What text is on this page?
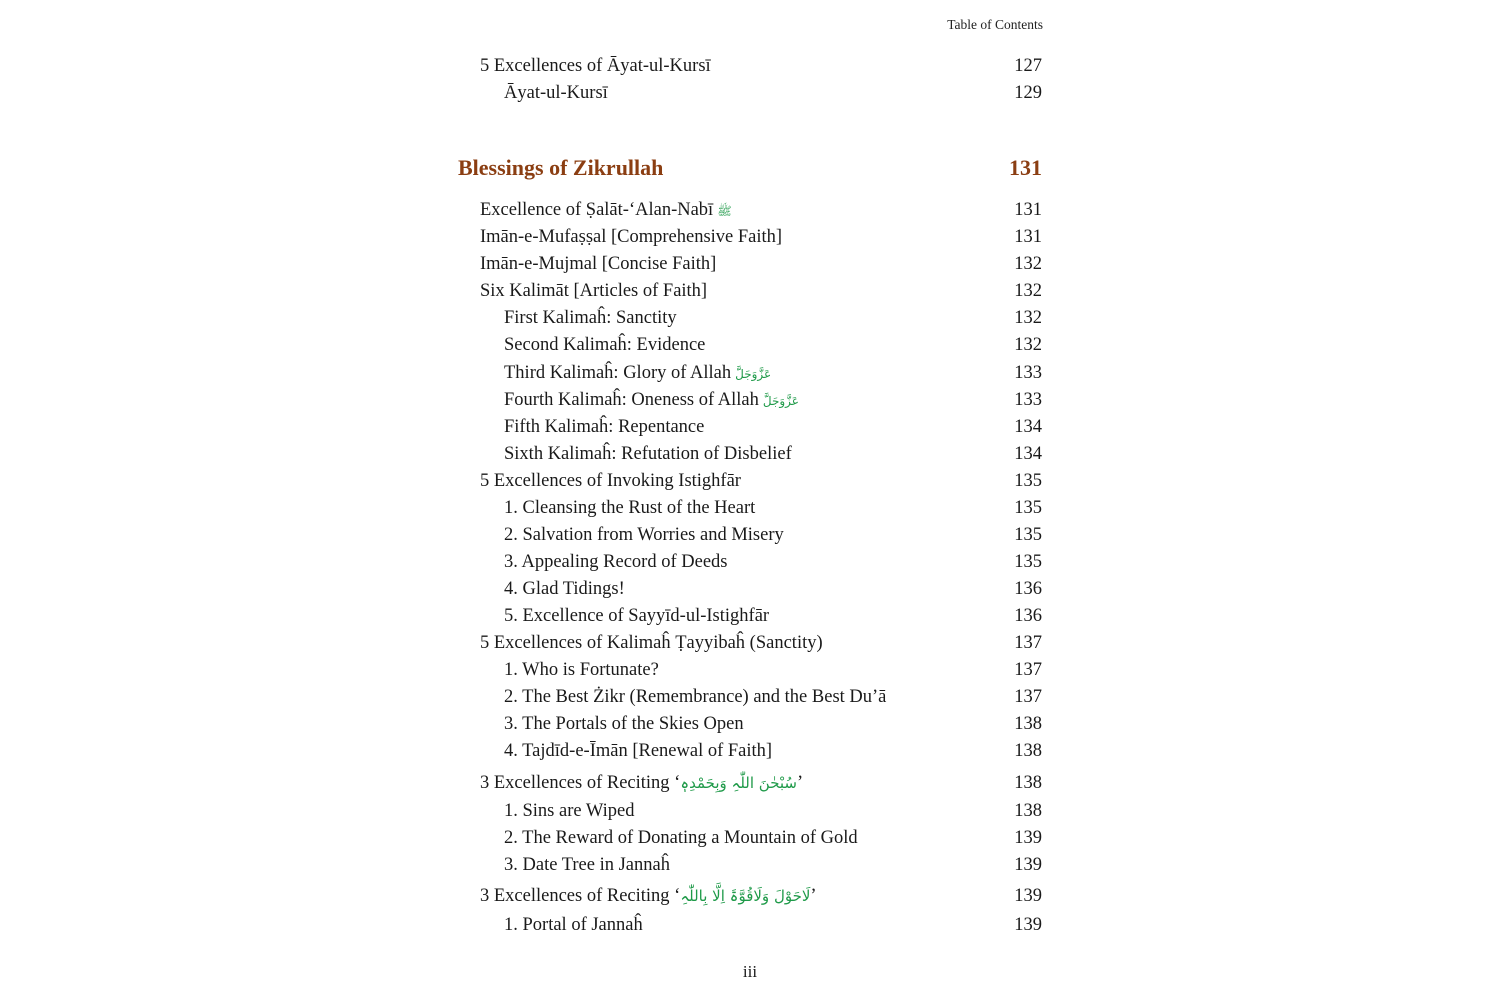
Table of Contents
5 Excellences of Āyat-ul-Kursī	127
Āyat-ul-Kursī	129
Blessings of Zikrullah	131
Excellence of Ṣalāt-‘Alan-Nabī ﷺ	131
Imān-e-Mufaṣṣal [Comprehensive Faith]	131
Imān-e-Mujmal [Concise Faith]	132
Six Kalimāt [Articles of Faith]	132
First Kalimaĥ: Sanctity	132
Second Kalimaĥ: Evidence	132
Third Kalimaĥ: Glory of Allah عَزَّوَجَلَّ	133
Fourth Kalimaĥ: Oneness of Allah عَزَّوَجَلَّ	133
Fifth Kalimaĥ: Repentance	134
Sixth Kalimaĥ: Refutation of Disbelief	134
5 Excellences of Invoking Istighfār	135
1. Cleansing the Rust of the Heart	135
2. Salvation from Worries and Misery	135
3. Appealing Record of Deeds	135
4. Glad Tidings!	136
5. Excellence of Sayyīd-ul-Istighfār	136
5 Excellences of Kalimaĥ Ṭayyibaĥ (Sanctity)	137
1. Who is Fortunate?	137
2. The Best Żikr (Remembrance) and the Best Du’ā	137
3. The Portals of the Skies Open	138
4. Tajdīd-e-Īmān [Renewal of Faith]	138
3 Excellences of Reciting ‘سُبْحٰنَ اللّٰہِ وَبِحَمْدِہٖ’	138
1. Sins are Wiped	138
2. The Reward of Donating a Mountain of Gold	139
3. Date Tree in Jannaĥ	139
3 Excellences of Reciting ‘لَاحَوْلَ وَلَاقُوَّۃَ اِلَّا بِاللّٰہِ’	139
1. Portal of Jannaĥ	139
iii
